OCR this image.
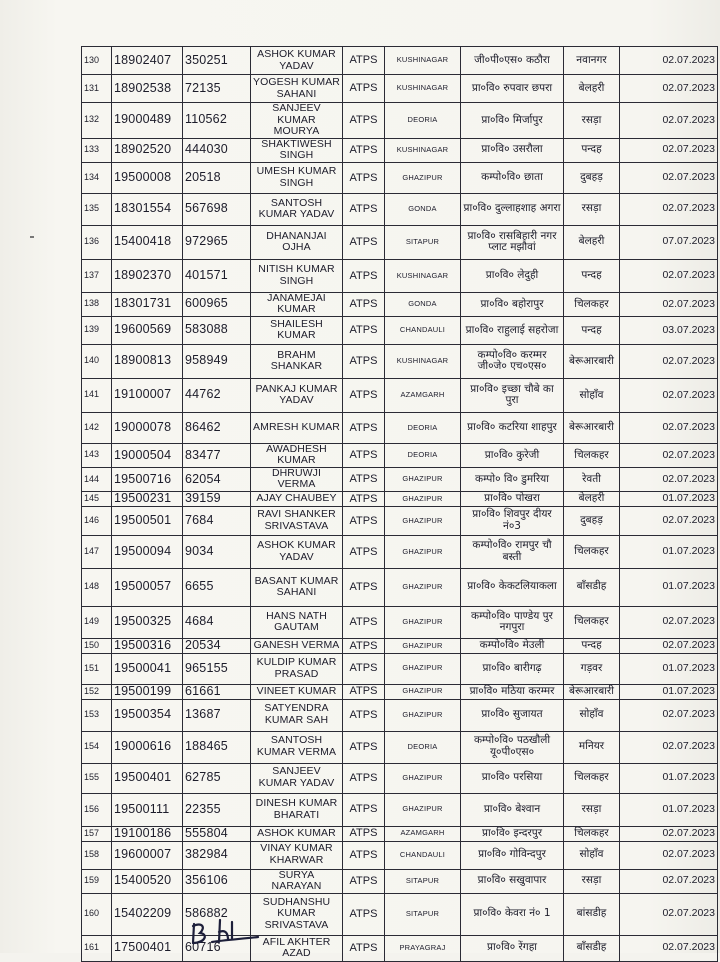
130	18902407	350251	ASHOK KUMAR YADAV	ATPS	KUSHINAGAR	जी०पी०एस० कठौरा	नवानगर	02.07.2023
131	18902538	72135	YOGESH KUMAR SAHANI	ATPS	KUSHINAGAR	प्रा०वि० रुपवार छपरा	बेलहरी	02.07.2023
132	19000489	110562	SANJEEV KUMAR MOURYA	ATPS	DEORIA	प्रा०वि० मिर्जापुर	रसड़ा	02.07.2023
133	18902520	444030	SHAKTIWESH SINGH	ATPS	KUSHINAGAR	प्रा०वि० उसरौला	पन्दह	02.07.2023
134	19500008	20518	UMESH KUMAR SINGH	ATPS	GHAZIPUR	कम्पो०वि० छाता	दुबहड़	02.07.2023
135	18301554	567698	SANTOSH KUMAR YADAV	ATPS	GONDA	प्रा०वि० दुल्लाहशाह अगरा	रसड़ा	02.07.2023
136	15400418	972965	DHANANJAI OJHA	ATPS	SITAPUR	प्रा०वि० रासबिहारी नगर प्लाट मझौवां	बेलहरी	07.07.2023
137	18902370	401571	NITISH KUMAR SINGH	ATPS	KUSHINAGAR	प्रा०वि० लेदुही	पन्दह	02.07.2023
138	18301731	600965	JANAMEJAI KUMAR	ATPS	GONDA	प्रा०वि० बहोरापुर	चिलकहर	02.07.2023
139	19600569	583088	SHAILESH KUMAR	ATPS	CHANDAULI	प्रा०वि० राहुलाई सहरोजा	पन्दह	03.07.2023
140	18900813	958949	BRAHM SHANKAR	ATPS	KUSHINAGAR	कम्पो०वि० करम्मर जी०जे० एच०एस०	बेरूआरबारी	02.07.2023
141	19100007	44762	PANKAJ KUMAR YADAV	ATPS	AZAMGARH	प्रा०वि० इच्छा चौबे का पुरा	सोहाँव	02.07.2023
142	19000078	86462	AMRESH KUMAR	ATPS	DEORIA	प्रा०वि० कटरिया शाहपुर	बेरूआरबारी	02.07.2023
143	19000504	83477	AWADHESH KUMAR	ATPS	DEORIA	प्रा०वि० कुरेजी	चिलकहर	02.07.2023
144	19500716	62054	DHRUWJI VERMA	ATPS	GHAZIPUR	कम्पो० वि० डुमरिया	रेवती	02.07.2023
145	19500231	39159	AJAY CHAUBEY	ATPS	GHAZIPUR	प्रा०वि० पोखरा	बेलहरी	01.07.2023
146	19500501	7684	RAVI SHANKER SRIVASTAVA	ATPS	GHAZIPUR	प्रा०वि० शिवपुर दीयर नं०3	दुबहड़	02.07.2023
147	19500094	9034	ASHOK KUMAR YADAV	ATPS	GHAZIPUR	कम्पो०वि० रामपुर चौ बस्ती	चिलकहर	01.07.2023
148	19500057	6655	BASANT KUMAR SAHANI	ATPS	GHAZIPUR	प्रा०वि० केकटलियाकला	बाँसडीह	01.07.2023
149	19500325	4684	HANS NATH GAUTAM	ATPS	GHAZIPUR	कम्पो०वि० पाण्डेय पुर नगपुरा	चिलकहर	02.07.2023
150	19500316	20534	GANESH VERMA	ATPS	GHAZIPUR	कम्पो०वि० मेउली	पन्दह	02.07.2023
151	19500041	965155	KULDIP KUMAR PRASAD	ATPS	GHAZIPUR	प्रा०वि० बारीगढ़	गड़वर	01.07.2023
152	19500199	61661	VINEET KUMAR	ATPS	GHAZIPUR	प्रा०वि० मठिया करम्मर	बेरूआरबारी	01.07.2023
153	19500354	13687	SATYENDRA KUMAR SAH	ATPS	GHAZIPUR	प्रा०वि० सुजायत	सोहाँव	02.07.2023
154	19000616	188465	SANTOSH KUMAR VERMA	ATPS	DEORIA	कम्पो०वि० पठखौली यू०पी०एस०	मनियर	02.07.2023
155	19500401	62785	SANJEEV KUMAR YADAV	ATPS	GHAZIPUR	प्रा०वि० परसिया	चिलकहर	01.07.2023
156	19500111	22355	DINESH KUMAR BHARATI	ATPS	GHAZIPUR	प्रा०वि० बेश्वान	रसड़ा	01.07.2023
157	19100186	555804	ASHOK KUMAR	ATPS	AZAMGARH	प्रा०वि० इन्दरपुर	चिलकहर	02.07.2023
158	19600007	382984	VINAY KUMAR KHARWAR	ATPS	CHANDAULI	प्रा०वि० गोविन्दपुर	सोहाँव	02.07.2023
159	15400520	356106	SURYA NARAYAN	ATPS	SITAPUR	प्रा०वि० सखुवापार	रसड़ा	02.07.2023
160	15402209	586882	SUDHANSHU KUMAR SRIVASTAVA	ATPS	SITAPUR	प्रा०वि० केवरा नं० 1	बांसडीह	02.07.2023
161	17500401	60716	AFIL AKHTER AZAD	ATPS	PRAYAGRAJ	प्रा०वि० रेंगहा	बाँसडीह	02.07.2023
